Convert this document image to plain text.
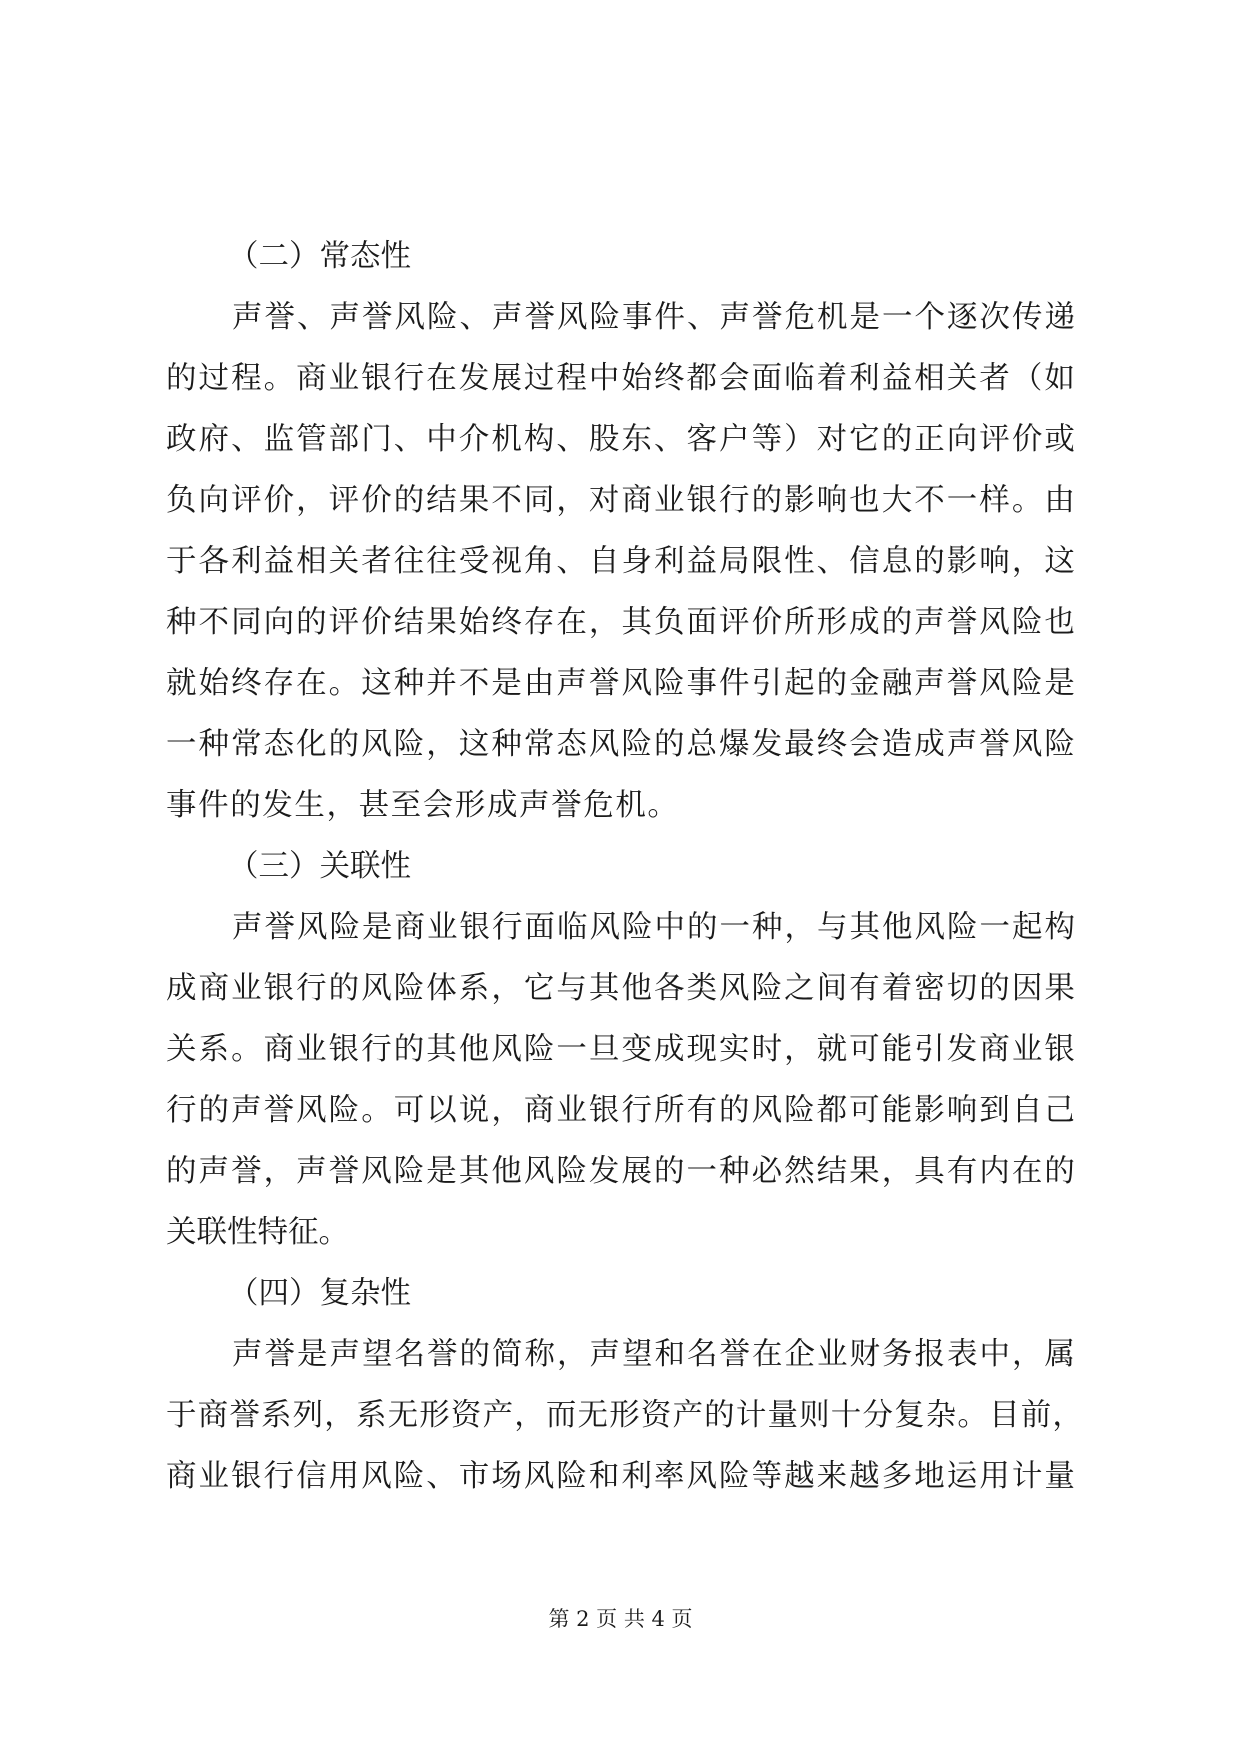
（二）常态性
声 誉 、 声 誉 风 险 、 声 誉 风 险 事 件 、 声 誉 危 机 是 一 个 逐 次 传 递
的 过 程 。 商 业 银 行 在 发 展 过 程 中 始 终 都 会 面 临 着 利 益 相 关 者 （ 如
政 府 、 监 管 部 门 、 中 介 机 构 、 股 东 、 客 户 等 ） 对 它 的 正 向 评 价 或
负 向 评 价 ， 评 价 的 结 果 不 同 ， 对 商 业 银 行 的 影 响 也 大 不 一 样 。 由
于 各 利 益 相 关 者 往 往 受 视 角 、 自 身 利 益 局 限 性 、 信 息 的 影 响 ， 这
种 不 同 向 的 评 价 结 果 始 终 存 在 ， 其 负 面 评 价 所 形 成 的 声 誉 风 险 也
就 始 终 存 在 。 这 种 并 不 是 由 声 誉 风 险 事 件 引 起 的 金 融 声 誉 风 险 是
一 种 常 态 化 的 风 险 ， 这 种 常 态 风 险 的 总 爆 发 最 终 会 造 成 声 誉 风 险
事 件 的 发 生 ， 甚 至 会 形 成 声 誉 危 机 。
（三）关联性
声 誉 风 险 是 商 业 银 行 面 临 风 险 中 的 一 种 ， 与 其 他 风 险 一 起 构
成 商 业 银 行 的 风 险 体 系 ， 它 与 其 他 各 类 风 险 之 间 有 着 密 切 的 因 果
关 系 。 商 业 银 行 的 其 他 风 险 一 旦 变 成 现 实 时 ， 就 可 能 引 发 商 业 银
行 的 声 誉 风 险 。 可 以 说 ， 商 业 银 行 所 有 的 风 险 都 可 能 影 响 到 自 己
的 声 誉 ， 声 誉 风 险 是 其 他 风 险 发 展 的 一 种 必 然 结 果 ， 具 有 内 在 的
关 联 性 特 征 。
（四）复杂性
声 誉 是 声 望 名 誉 的 简 称 ， 声 望 和 名 誉 在 企 业 财 务 报 表 中 ， 属
于 商 誉 系 列 ， 系 无 形 资 产 ， 而 无 形 资 产 的 计 量 则 十 分 复 杂 。 目 前 ，
商 业 银 行 信 用 风 险 、 市 场 风 险 和 利 率 风 险 等 越 来 越 多 地 运 用 计 量
第 2 页 共 4 页
